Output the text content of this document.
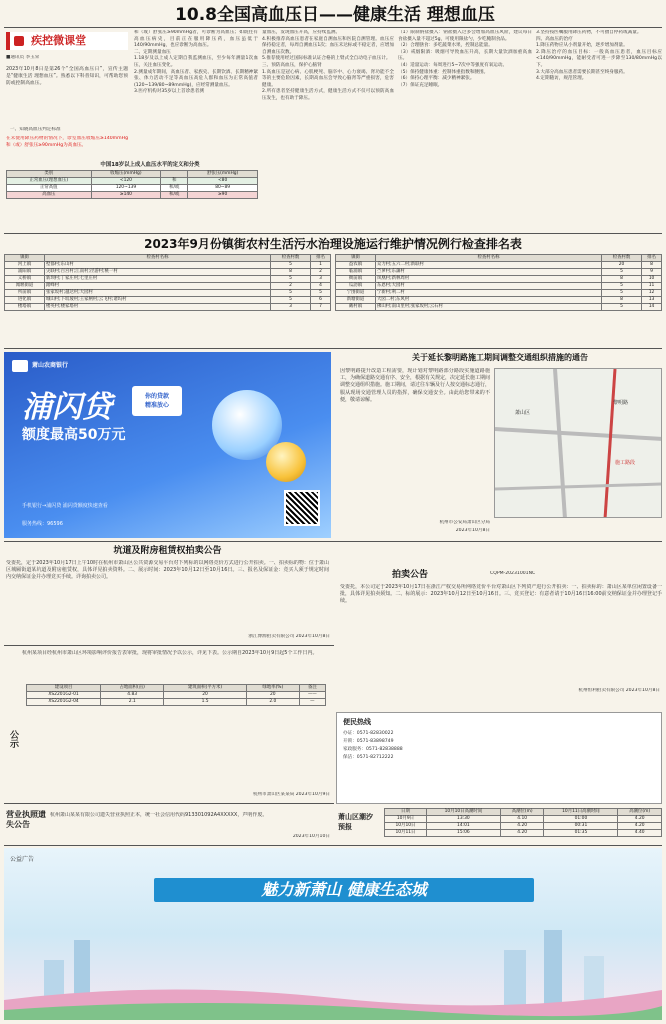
10.8全国高血压日——健康生活 理想血压
$^{疾控微课堂}$
■通讯员 李玉荣
2023年10月8日是第26个“全国高血压日”，宣传主题是“健康生活 理想血压”。熟悉以下科普知识，可帮助您预防或控制高血压。
一、知晓高血压判定标准
在未使用降压药物的情况下，诊室血压收缩压≥140mmHg和（或）舒张压≥90mmHg为高血压。
和（或）舒张压≥90mmHg者，可诊断为高血压；如既往有高血压病史，目前正在服用降压药，血压虽低于140/90mmHg，也应诊断为高血压。
二、定期测量血压
1.18岁及以上成人定期自我监测血压，至少每年测量1次血压，关注血压变化。
2.测量成年期间，高血压者、家族史、长期饮酒、长期精神紧张、体力活动不足等高血压高危人群和血压为正常高值者(120~139/80~89mmHg)，应经常测量血压。
3.医疗机构对35岁以上首诊患者测
量血压，发现血压升高，应持续监测。
4.积极推荐高血压患者在家庭自测血压和医院自测管理。血压应保持稳定者，每周自测血压1次；血压未达标或不稳定者，应增加自测血压次数。
5.推荐使用经过国际标准认证合格的上臂式全自动电子血压计。
三、预防高血压，保护心脑肾
1.高血压是冠心病、心肌梗死、脑卒中、心力衰竭、肾功能不全等的主要危险因素，长期高血压会导致心脑肾等严重损害，危害健康。
2.所有患者坚持健康生活方式，健康生活方式不仅可以预防高血压发生，也有助于降压。
（1）限制钠盐摄入：钠盐摄入过多会增加高血压风险，建议每日食盐摄入量不超过5g，可使用限盐勺，少吃腌制食品。
（2）合理膳食：多吃蔬菜水果，控制总能量。
（3）戒烟限酒：吸烟可导致血压升高，长期大量饮酒加重高血压。
（4）适量运动：每周进行5~7次中等强度有氧运动。
（5）保持健康体重：控制体重指数和腰围。
（6）保持心理平衡：减少精神紧张。
（7）保证充足睡眠。
3.坚持按医嘱服用降压药物，不可擅自停药或减量。
四、高血压的治疗
1.降压药物应从小剂量开始，逐步增加剂量。
2.降压治疗的血压目标：一般高血压患者，血压目标应<140/90mmHg，能耐受者可进一步降至130/80mmHg以下。
3.大部分高血压患者需要长期甚至终身服药。
4.定期随访，规范管理。
中国18岁以上成人血压水平的定义和分类
类别	收缩压(mmHg)		舒张压(mmHg)
正常血压(理想血压)	<120	和	<80
正常高值	120~139	和/或	80~89
高血压	≥140	和/或	≥90
2023年9月份镇街农村生活污水治理设施运行维护情况例行检查排名表
镇街	检查村名称	检查村数	排名
河上镇	墅都村;东山村	5	1
浦阳镇	尖联村;百宫村;江南村;径游村;桃一村	8	2
义桥镇	新坝村;丁家庄村;七里庄村	5	3
闻堰街道	踏峰村	2	4
所前镇	张家坂村;越达村;大园村	5	5
进化镇	城山村;下坂坡村;王家闸村;云飞村;诸坞村	5	6
楼塔镇	楼英村;楼家塔村	3	7
镇街	检查村名称	检查村数	排名
益农镇	众力村;五六二村;新联村	20	8
临浦镇	苎萝村;东藩村	5	9
衙前镇	凤凰村;新林周村	8	10
瓜沥镇	东恩村;大园村	5	11
宁围街道	宁新村;利二村	5	12
新塘街道	大园二村;东风村	8	13
戴村镇	佛山村;南山里村;张家坂村;云石村	5	14
萧山农商银行
浦闪贷	你的贷款
精准放心
额度最高50万元
手机银行→浦闪贷 浦闪贷额度快速查看
服务热线：96596
关于延长黎明路施工期间调整交通组织措施的通告
因黎明路提升改造工程需要，现计划对黎明路部分路段实施道路施工，为确保道路交通有序、安全，根据有关规定，决定延长施工期间调整交通组织措施。施工期间，请过往车辆及行人按交通标志通行，服从现场交通管理人员的指挥，确保交通安全。由此给您带来的不便，敬请谅解。
黎明路
施工路段
萧山区
杭州市公安局萧山区分局
2023年10月8日
坑道及附房租赁权拍卖公告
受委托，定于2023年10月17日上午10时在杭州市萧山区公共资源交易平台对下列标的以网络竞价方式进行公开拍卖。一、拍卖标的物：位于萧山区城厢街道某坑道及附房租赁权，具体详见拍卖资料。二、展示时间：2023年10月12日至10月16日。三、报名及保证金：竞买人须于规定时间内交纳保证金并办理竞买手续。详询拍卖公司。
浙江博源拍卖有限公司 2023年10月8日
拍卖公告	CQPM-20231001NC
受委托，本公司定于2023年10月17日在浙江产权交易所网络竞价平台对萧山区下列资产进行公开拍卖：一、拍卖标的：萧山区某单位闲置设备一批，具体详见拍卖须知。二、标的展示：2023年10月12日至10月16日。三、竞买登记：有意者请于10月16日16:00前交纳保证金并办理登记手续。
杭州恒利拍卖有限公司 2023年10月8日
公示
杭州某项目经杭州市萧山区环境影响评价报告表审批，现将审批情况予以公示，详见下表。公示期自2023年10月9日起5个工作日内。
建设项目	占地面积(亩)	建筑面积(平方米)	绿地率(%)	备注
XS2201G2-01	4.83	20	20	——
XS2201G2-04	2.1	1.5	2.0	—
杭州市萧山区某某局 2023年10月9日
便民热线
办证：0571-82830022
开锁：0571-83898749
家政服务：0571-82838888
保洁：0571-82712222
营业执照遗失公告
杭州萧山某某有限公司遗失营业执照正本，统一社会信用代码913301092A4XXXXX，声明作废。
2023年10月10日
萧山区潮汐预报
日期	10月10日高潮时间	高潮位(m)	10月11日高潮时间	高潮位(m)
10月9日	13:30	4.10	01:00	4.20
10月10日	14:01	4.20	00:31	4.20
10月11日	15:06	4.20	01:35	4.40
公益广告
魅力新萧山 健康生态城
